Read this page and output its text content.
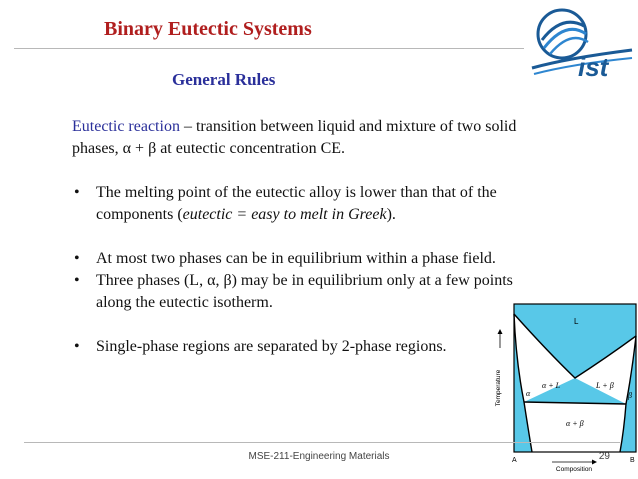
Binary Eutectic Systems
ist
General Rules

Eutectic reaction – transition between liquid and mixture of two solid phases, α + β at eutectic concentration CE.

• The melting point of the eutectic alloy is lower than that of the components (eutectic = easy to melt in Greek).

• At most two phases can be in equilibrium within a phase field.

• Three phases (L, α, β) may be in equilibrium only at a few points along the eutectic isotherm.

• Single-phase regions are separated by 2-phase regions.

L
α	β
α + L	L + β
α + β
Temperature
A	B
Composition
MSE-211-Engineering Materials	29
